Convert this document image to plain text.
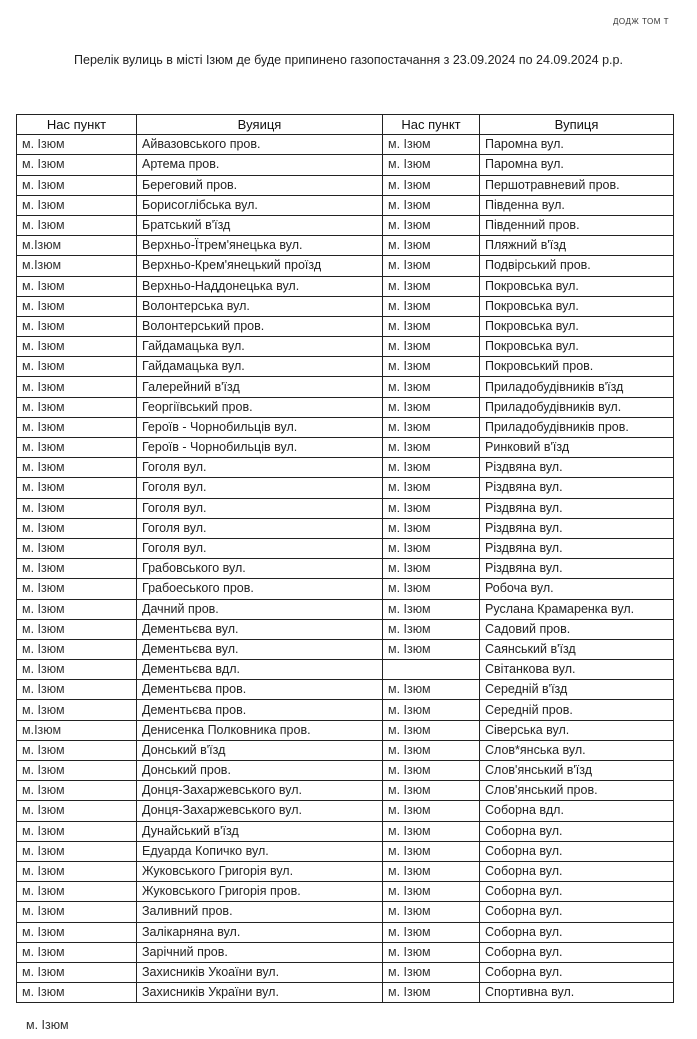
ДОДЖ ТОМ Т
Перелік вулиць в місті Ізюм де буде припинено газопостачання з 23.09.2024 по 24.09.2024 р.р.
Нас пункт	Вуяиця	Нас пункт	Вупиця
м. Ізюм	Айвазовського пров.	м. Ізюм	Паромна вул.
м. Ізюм	Артема пров.	м. Ізюм	Паромна вул.
м. Ізюм	Береговий пров.	м. Ізюм	Першотравневий пров.
м. Ізюм	Борисоглібська вул.	м. Ізюм	Південна вул.
м. Ізюм	Братський в'їзд	м. Ізюм	Південний пров.
м.Ізюм	Верхньо-Їтрем'янецька вул.	м. Ізюм	Пляжний в'їзд
м.Ізюм	Верхньо-Крем'янецький проїзд	м. Ізюм	Подвірський пров.
м. Ізюм	Верхньо-Наддонецька вул.	м. Ізюм	Покровська вул.
м. Ізюм	Волонтерська вул.	м. Ізюм	Покровська вул.
м. Ізюм	Волонтерський пров.	м. Ізюм	Покровська вул.
м. Ізюм	Гайдамацька вул.	м. Ізюм	Покровська вул.
м. Ізюм	Гайдамацька вул.	м. Ізюм	Покровський пров.
м. Ізюм	Галерейний в'їзд	м. Ізюм	Приладобудівників в'їзд
м. Ізюм	Георгіївський пров.	м. Ізюм	Приладобудівників вул.
м. Ізюм	Героїв - Чорнобильців вул.	м. Ізюм	Приладобудівників пров.
м. Ізюм	Героїв - Чорнобильців вул.	м. Ізюм	Ринковий в'їзд
м. Ізюм	Гоголя вул.	м. Ізюм	Різдвяна вул.
м. Ізюм	Гоголя вул.	м. Ізюм	Різдвяна вул.
м. Ізюм	Гоголя вул.	м. Ізюм	Різдвяна вул.
м. Ізюм	Гоголя вул.	м. Ізюм	Різдвяна вул.
м. Ізюм	Гоголя вул.	м. Ізюм	Різдвяна вул.
м. Ізюм	Грабовського вул.	м. Ізюм	Різдвяна вул.
м. Ізюм	Грабоеського пров.	м. Ізюм	Робоча вул.
м. Ізюм	Дачний пров.	м. Ізюм	Руслана Крамаренка вул.
м. Ізюм	Дементьєва вул.	м. Ізюм	Садовий пров.
м. Ізюм	Дементьєва вул.	м. Ізюм	Саянський в'їзд
м. Ізюм	Дементьєва вдл.		Світанкова вул.
м. Ізюм	Дементьєва пров.	м. Ізюм	Середній в'їзд
м. Ізюм	Дементьєва пров.	м. Ізюм	Середній пров.
м.Ізюм	Денисенка Полковника пров.	м. Ізюм	Сіверська вул.
м. Ізюм	Донський в'їзд	м. Ізюм	Слов*янська вул.
м. Ізюм	Донський пров.	м. Ізюм	Слов'янський в'їзд
м. Ізюм	Донця-Захаржевського вул.	м. Ізюм	Слов'янський пров.
м. Ізюм	Донця-Захаржевського вул.	м. Ізюм	Соборна вдл.
м. Ізюм	Дунайський в'їзд	м. Ізюм	Соборна вул.
м. Ізюм	Едуарда Копичко вул.	м. Ізюм	Соборна вул.
м. Ізюм	Жуковського Григорія вул.	м. Ізюм	Соборна вул.
м. Ізюм	Жуковського Григорія пров.	м. Ізюм	Соборна вул.
м. Ізюм	Заливний пров.	м. Ізюм	Соборна вул.
м. Ізюм	Залікарняна вул.	м. Ізюм	Соборна вул.
м. Ізюм	Зарічний пров.	м. Ізюм	Соборна вул.
м. Ізюм	Захисників Укоаїни вул.	м. Ізюм	Соборна вул.
м. Ізюм	Захисників України вул.	м. Ізюм	Спортивна вул.
м. Ізюм
